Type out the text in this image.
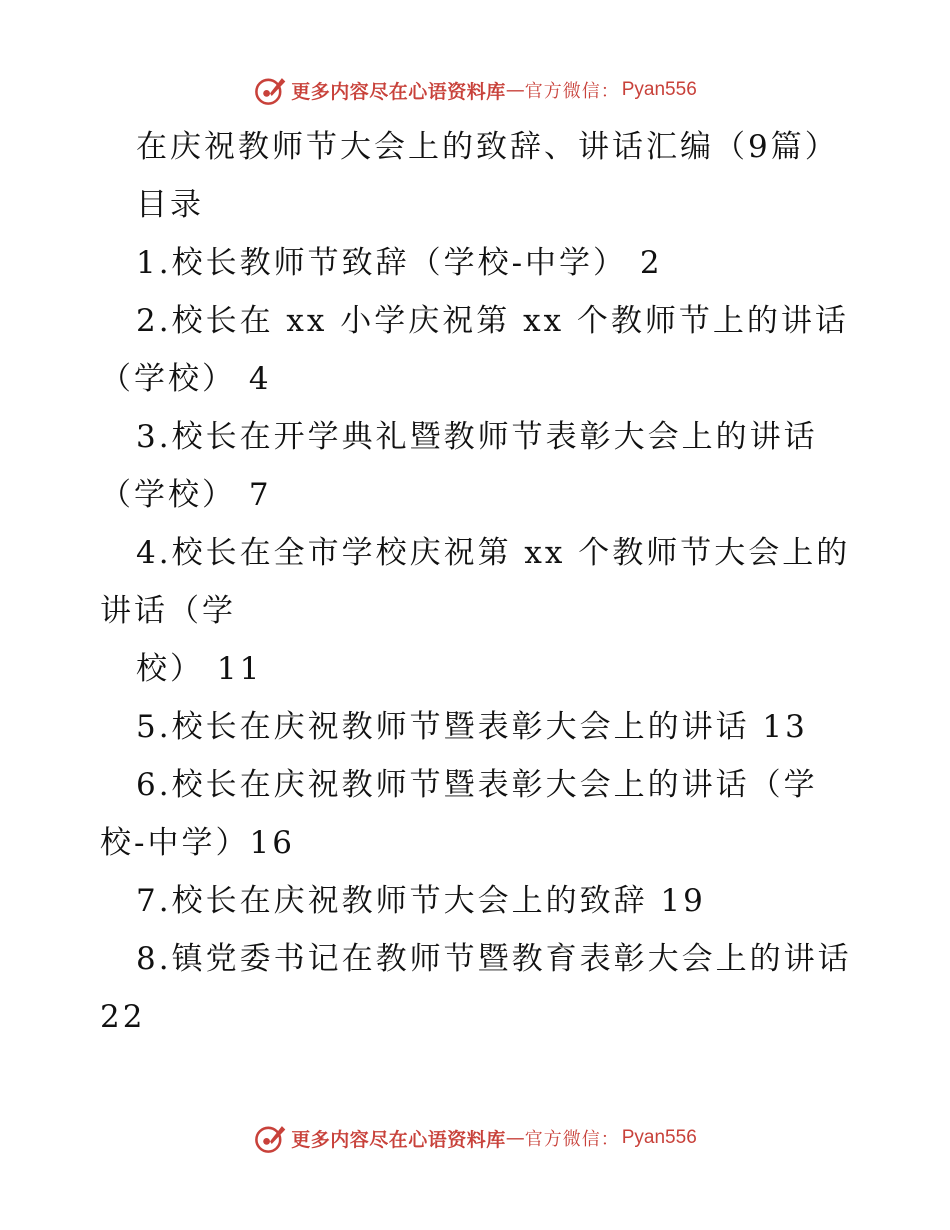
更多内容尽在心语资料库 — 官方微信： Pyan556
在庆祝教师节大会上的致辞、讲话汇编（9篇）
目录
1.校长教师节致辞（学校-中学） 2
2.校长在 xx 小学庆祝第 xx 个教师节上的讲话
（学校） 4
3.校长在开学典礼暨教师节表彰大会上的讲话
（学校） 7
4.校长在全市学校庆祝第 xx 个教师节大会上的
讲话（学
校） 11
5.校长在庆祝教师节暨表彰大会上的讲话 13
6.校长在庆祝教师节暨表彰大会上的讲话（学
校-中学）16
7.校长在庆祝教师节大会上的致辞 19
8.镇党委书记在教师节暨教育表彰大会上的讲话
22
更多内容尽在心语资料库 — 官方微信： Pyan556
